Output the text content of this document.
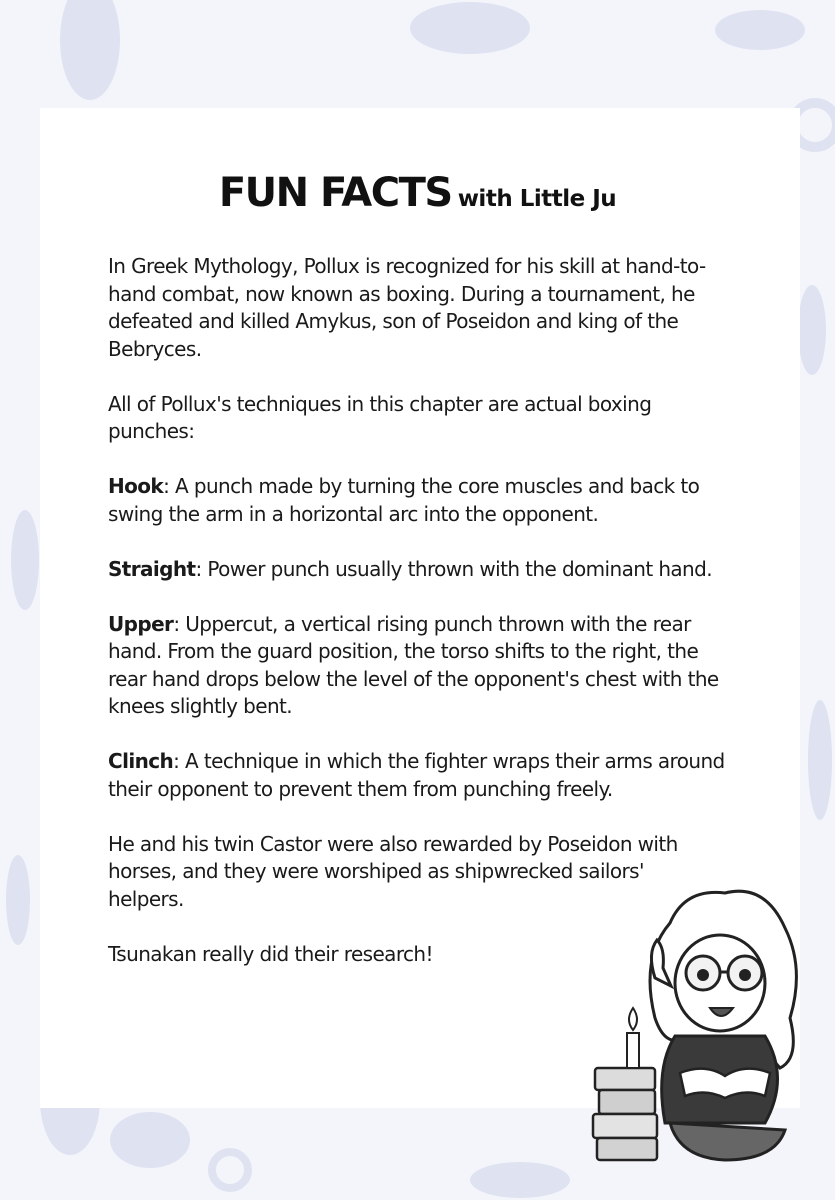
FUN FACTS with Little Ju

In Greek Mythology, Pollux is recognized for his skill at hand-to-hand combat, now known as boxing. During a tournament, he defeated and killed Amykus, son of Poseidon and king of the Bebryces.

All of Pollux's techniques in this chapter are actual boxing punches:

Hook: A punch made by turning the core muscles and back to swing the arm in a horizontal arc into the opponent.

Straight: Power punch usually thrown with the dominant hand.

Upper: Uppercut, a vertical rising punch thrown with the rear hand. From the guard position, the torso shifts to the right, the rear hand drops below the level of the opponent's chest with the knees slightly bent.

Clinch: A technique in which the fighter wraps their arms around their opponent to prevent them from punching freely.

He and his twin Castor were also rewarded by Poseidon with horses, and they were worshiped as shipwrecked sailors' helpers.

Tsunakan really did their research!
